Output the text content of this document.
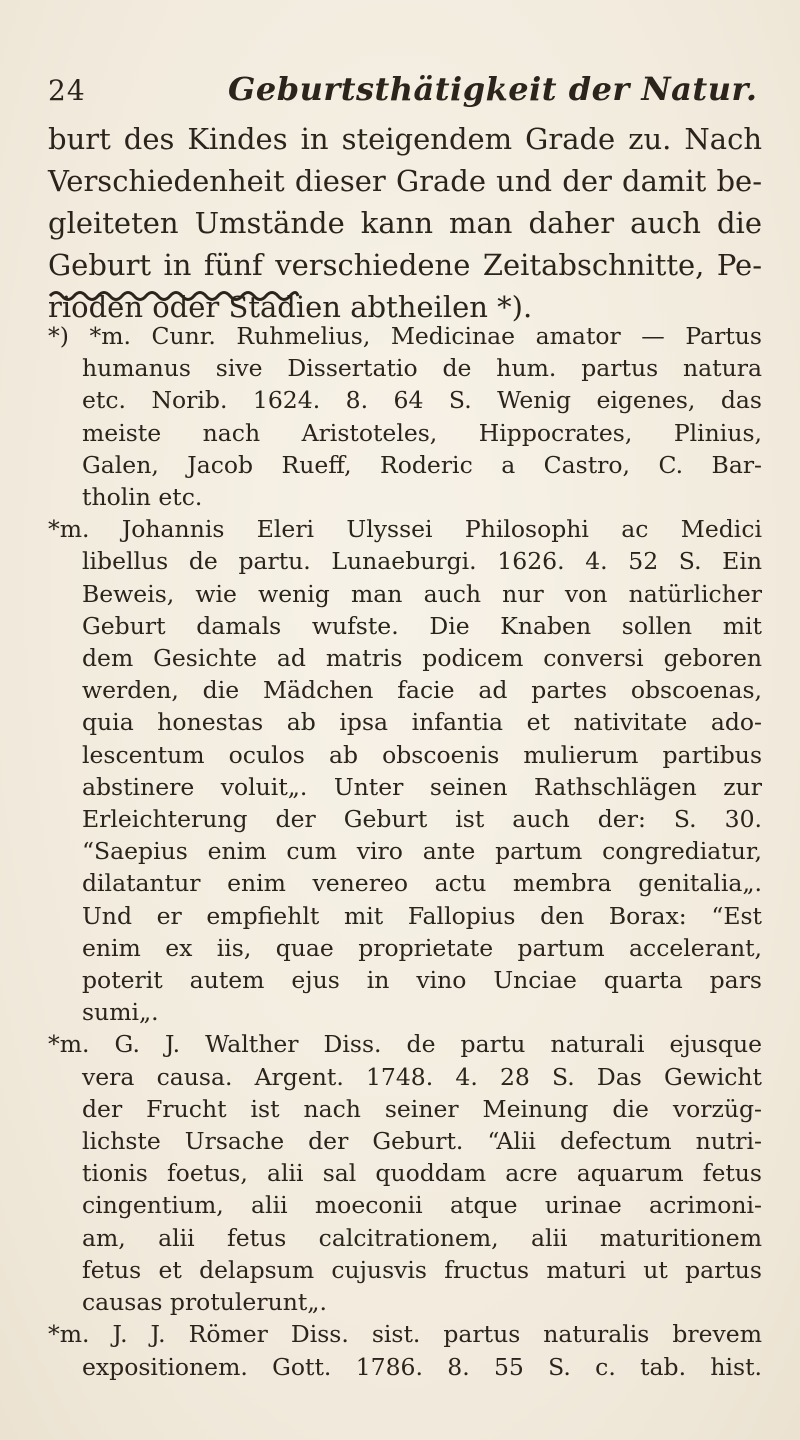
24	Geburtsthätigkeit der Natur.
burt des Kindes in steigendem Grade zu. Nach
Verschiedenheit dieser Grade und der damit be-
gleiteten Umstände kann man daher auch die
Geburt in fünf verschiedene Zeitabschnitte, Pe-
rioden oder Stadien abtheilen *).
*) *m. Cunr. Ruhmelius, Medicinae amator — Partus
humanus sive Dissertatio de hum. partus natura
etc. Norib. 1624. 8. 64 S. Wenig eigenes, das
meiste nach Aristoteles, Hippocrates, Plinius,
Galen, Jacob Rueff, Roderic a Castro, C. Bar-
tholin etc.
*m. Johannis Eleri Ulyssei Philosophi ac Medici
libellus de partu. Lunaeburgi. 1626. 4. 52 S. Ein
Beweis, wie wenig man auch nur von natürlicher
Geburt damals wufste. Die Knaben sollen mit
dem Gesichte ad matris podicem conversi geboren
werden, die Mädchen facie ad partes obscoenas,
quia honestas ab ipsa infantia et nativitate ado-
lescentum oculos ab obscoenis mulierum partibus
abstinere voluit„. Unter seinen Rathschlägen zur
Erleichterung der Geburt ist auch der: S. 30.
“Saepius enim cum viro ante partum congrediatur,
dilatantur enim venereo actu membra genitalia„.
Und er empfiehlt mit Fallopius den Borax: “Est
enim ex iis, quae proprietate partum accelerant,
poterit autem ejus in vino Unciae quarta pars
sumi„.
*m. G. J. Walther Diss. de partu naturali ejusque
vera causa. Argent. 1748. 4. 28 S. Das Gewicht
der Frucht ist nach seiner Meinung die vorzüg-
lichste Ursache der Geburt. “Alii defectum nutri-
tionis foetus, alii sal quoddam acre aquarum fetus
cingentium, alii moeconii atque urinae acrimoni-
am, alii fetus calcitrationem, alii maturitionem
fetus et delapsum cujusvis fructus maturi ut partus
causas protulerunt„.
*m. J. J. Römer Diss. sist. partus naturalis brevem
expositionem. Gott. 1786. 8. 55 S. c. tab. hist.
